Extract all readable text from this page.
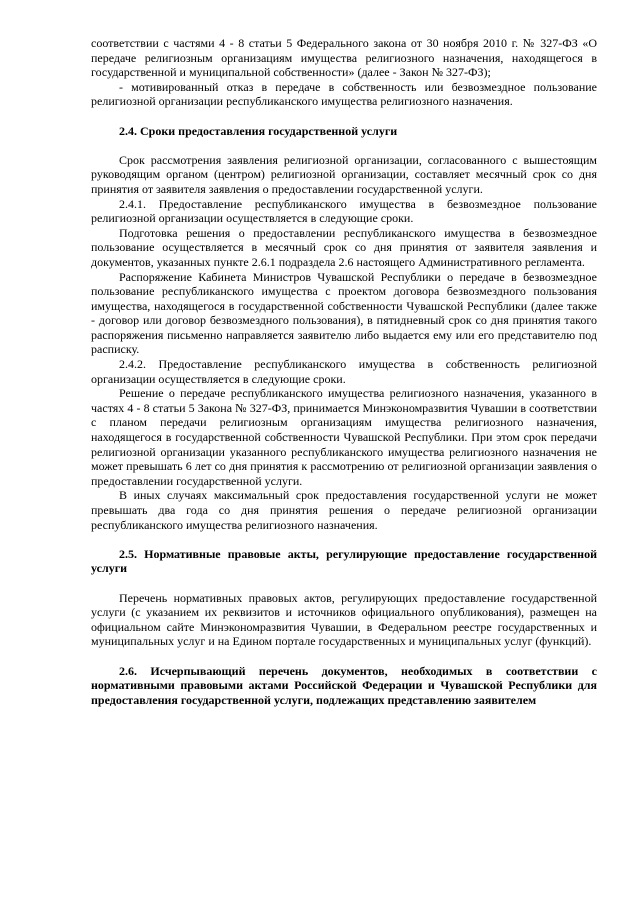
соответствии с частями 4 - 8 статьи 5 Федерального закона от 30 ноября 2010 г. № 327-ФЗ «О передаче религиозным организациям имущества религиозного назначения, находящегося в государственной и муниципальной собственности» (далее - Закон № 327-ФЗ);

- мотивированный отказ в передаче в собственность или безвозмездное пользование религиозной организации республиканского имущества религиозного назначения.

2.4. Сроки предоставления государственной услуги

Срок рассмотрения заявления религиозной организации, согласованного с вышестоящим руководящим органом (центром) религиозной организации, составляет месячный срок со дня принятия от заявителя заявления о предоставлении государственной услуги.

2.4.1. Предоставление республиканского имущества в безвозмездное пользование религиозной организации осуществляется в следующие сроки.

Подготовка решения о предоставлении республиканского имущества в безвозмездное пользование осуществляется в месячный срок со дня принятия от заявителя заявления и документов, указанных пункте 2.6.1 подраздела 2.6 настоящего Административного регламента.

Распоряжение Кабинета Министров Чувашской Республики о передаче в безвозмездное пользование республиканского имущества с проектом договора безвозмездного пользования имущества, находящегося в государственной собственности Чувашской Республики (далее также - договор или договор безвозмездного пользования), в пятидневный срок со дня принятия такого распоряжения письменно направляется заявителю либо выдается ему или его представителю под расписку.

2.4.2. Предоставление республиканского имущества в собственность религиозной организации осуществляется в следующие сроки.

Решение о передаче республиканского имущества религиозного назначения, указанного в частях 4 - 8 статьи 5 Закона № 327-ФЗ, принимается Минэкономразвития Чувашии в соответствии с планом передачи религиозным организациям имущества религиозного назначения, находящегося в государственной собственности Чувашской Республики. При этом срок передачи религиозной организации указанного республиканского имущества религиозного назначения не может превышать 6 лет со дня принятия к рассмотрению от религиозной организации заявления о предоставлении государственной услуги.

В иных случаях максимальный срок предоставления государственной услуги не может превышать два года со дня принятия решения о передаче религиозной организации республиканского имущества религиозного назначения.

2.5. Нормативные правовые акты, регулирующие предоставление государственной услуги

Перечень нормативных правовых актов, регулирующих предоставление государственной услуги (с указанием их реквизитов и источников официального опубликования), размещен на официальном сайте Минэкономразвития Чувашии, в Федеральном реестре государственных и муниципальных услуг и на Едином портале государственных и муниципальных услуг (функций).

2.6. Исчерпывающий перечень документов, необходимых в соответствии с нормативными правовыми актами Российской Федерации и Чувашской Республики для предоставления государственной услуги, подлежащих представлению заявителем
